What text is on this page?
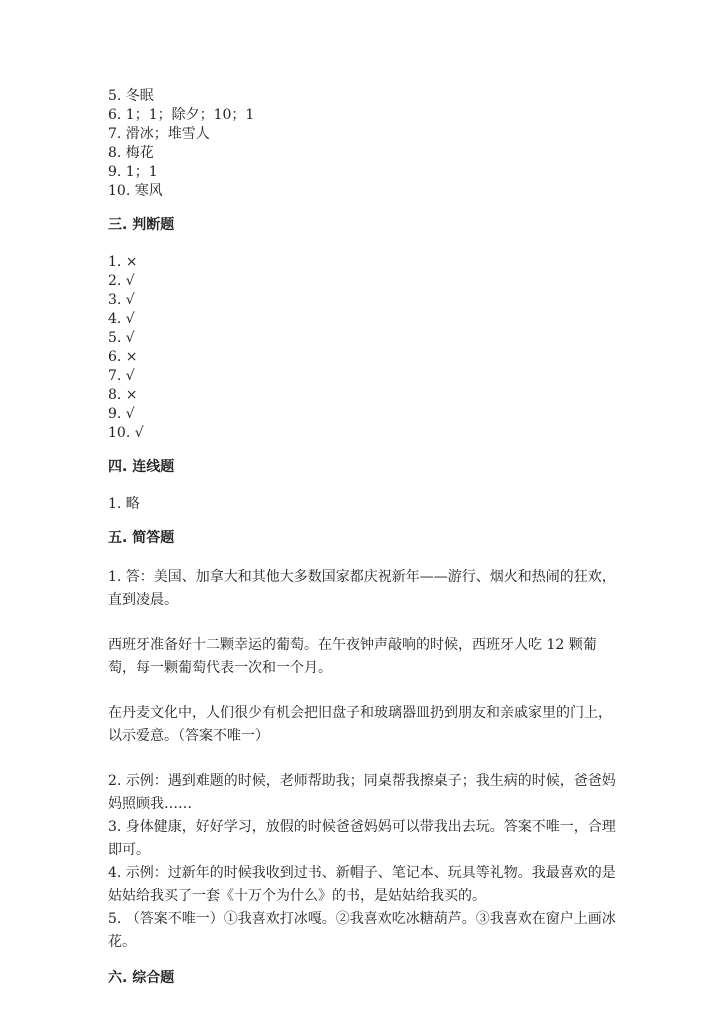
5. 冬眠
6. 1；1；除夕；10；1
7. 滑冰；堆雪人
8. 梅花
9. 1；1
10. 寒风
三. 判断题
1. ×
2. √
3. √
4. √
5. √
6. ×
7. √
8. ×
9. √
10. √
四. 连线题
1. 略
五. 简答题

1. 答：美国、加拿大和其他大多数国家都庆祝新年——游行、烟火和热闹的狂欢，直到凌晨。

西班牙准备好十二颗幸运的葡萄。在午夜钟声敲响的时候，西班牙人吃 12 颗葡萄，每一颗葡萄代表一次和一个月。

在丹麦文化中，人们很少有机会把旧盘子和玻璃器皿扔到朋友和亲戚家里的门上，以示爱意。（答案不唯一）

2. 示例：遇到难题的时候，老师帮助我；同桌帮我擦桌子；我生病的时候，爸爸妈妈照顾我……

3. 身体健康，好好学习，放假的时候爸爸妈妈可以带我出去玩。答案不唯一，合理即可。

4. 示例：过新年的时候我收到过书、新帽子、笔记本、玩具等礼物。我最喜欢的是姑姑给我买了一套《十万个为什么》的书，是姑姑给我买的。

5. （答案不唯一）①我喜欢打冰嘎。②我喜欢吃冰糖葫芦。③我喜欢在窗户上画冰花。

六. 综合题
